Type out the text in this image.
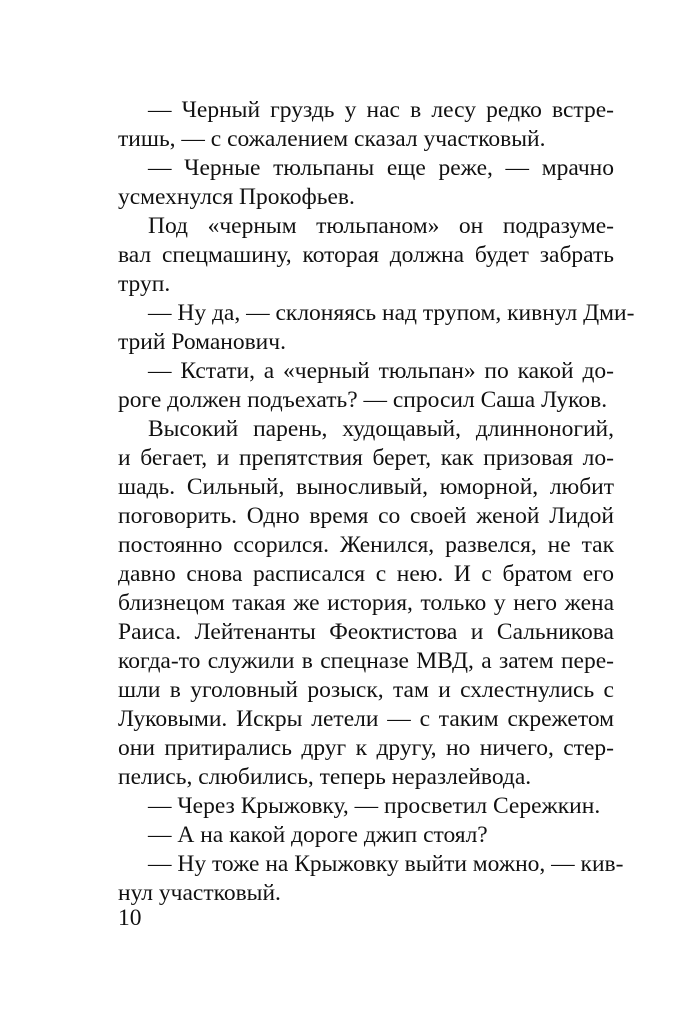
— Черный груздь у нас в лесу редко встре-
тишь, — с сожалением сказал участковый.
— Черные тюльпаны еще реже, — мрачно
усмехнулся Прокофьев.
Под «черным тюльпаном» он подразуме-
вал спецмашину, которая должна будет забрать
труп.
— Ну да, — склоняясь над трупом, кивнул Дми-
трий Романович.
— Кстати, а «черный тюльпан» по какой до-
роге должен подъехать? — спросил Саша Луков.
Высокий парень, худощавый, длинноногий,
и бегает, и препятствия берет, как призовая ло-
шадь. Сильный, выносливый, юморной, любит
поговорить. Одно время со своей женой Лидой
постоянно ссорился. Женился, развелся, не так
давно снова расписался с нею. И с братом его
близнецом такая же история, только у него жена
Раиса. Лейтенанты Феоктистова и Сальникова
когда-то служили в спецназе МВД, а затем пере-
шли в уголовный розыск, там и схлестнулись с
Луковыми. Искры летели — с таким скрежетом
они притирались друг к другу, но ничего, стер-
пелись, слюбились, теперь неразлейвода.
— Через Крыжовку, — просветил Сережкин.
— А на какой дороге джип стоял?
— Ну тоже на Крыжовку выйти можно, — кив-
нул участковый.
10
